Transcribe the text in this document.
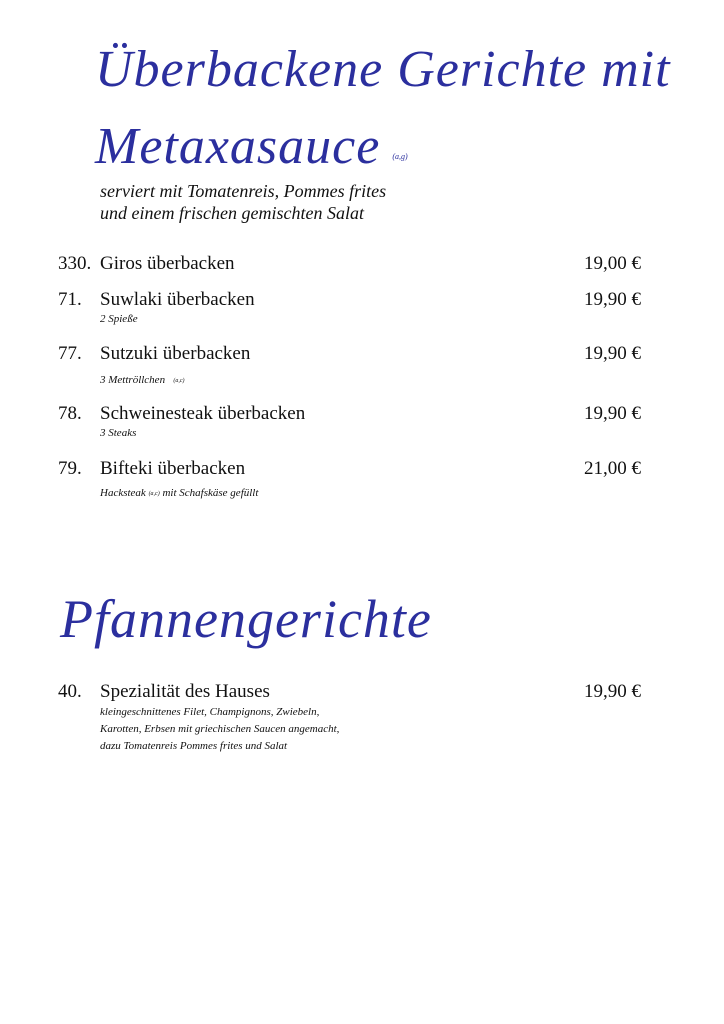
Überbackene Gerichte mit
Metaxasauce (a,g)
serviert mit Tomatenreis, Pommes frites
und einem frischen gemischten Salat
330. Giros überbacken	19,00 €
71. Suwlaki überbacken	19,90 €
2 Spieße
77. Sutzuki überbacken	19,90 €
3 Mettröllchen (a,c)
78. Schweinesteak überbacken	19,90 €
3 Steaks
79. Bifteki überbacken	21,00 €
Hacksteak (a,c) mit Schafskäse gefüllt
Pfannengerichte
40. Spezialität des Hauses	19,90 €
kleingeschnittenes Filet, Champignons, Zwiebeln,
Karotten, Erbsen mit griechischen Saucen angemacht,
dazu Tomatenreis Pommes frites und Salat
